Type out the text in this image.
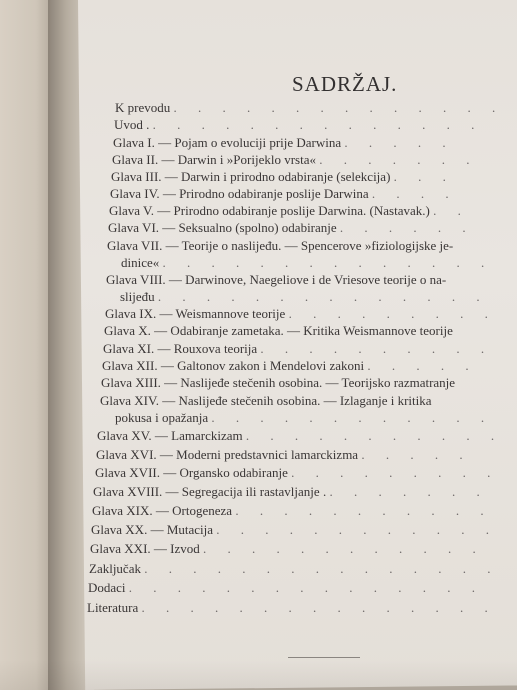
SADRŽAJ.
K prevodu . . . . . . . . . . . . . .
Uvod . . . . . . . . . . . . . . .
Glava I. — Pojam o evoluciji prije Darwina . . . . .
Glava II. — Darwin i »Porijeklo vrsta« . . . . . . .
Glava III. — Darwin i prirodno odabiranje (selekcija) . . .
Glava IV. — Prirodno odabiranje poslije Darwina . . . .
Glava V. — Prirodno odabiranje poslije Darwina. (Nastavak.) . .
Glava VI. — Seksualno (spolno) odabiranje . . . . . .
Glava VII. — Teorije o naslijeđu. — Spencerove »fiziologijske je-
dinice« . . . . . . . . . . . . . .
Glava VIII. — Darwinove, Naegeliove i de Vriesove teorije o na-
slijeđu . . . . . . . . . . . . . .
Glava IX. — Weismannove teorije . . . . . . . . .
Glava X. — Odabiranje zametaka. — Kritika Weismannove teorije
Glava XI. — Rouxova teorija . . . . . . . . . .
Glava XII. — Galtonov zakon i Mendelovi zakoni . . . . .
Glava XIII. — Naslijeđe stečenih osobina. — Teorijsko razmatranje
Glava XIV. — Naslijeđe stečenih osobina. — Izlaganje i kritika
pokusa i opažanja . . . . . . . . . . . .
Glava XV. — Lamarckizam . . . . . . . . . . .
Glava XVI. — Moderni predstavnici lamarckizma . . . . .
Glava XVII. — Organsko odabiranje . . . . . . . . .
Glava XVIII. — Segregacija ili rastavljanje . . . . . . . .
Glava XIX. — Ortogeneza . . . . . . . . . . .
Glava XX. — Mutacija . . . . . . . . . . . .
Glava XXI. — Izvod . . . . . . . . . . . .
Zaključak . . . . . . . . . . . . . . .
Dodaci . . . . . . . . . . . . . . .
Literatura . . . . . . . . . . . . . . .
